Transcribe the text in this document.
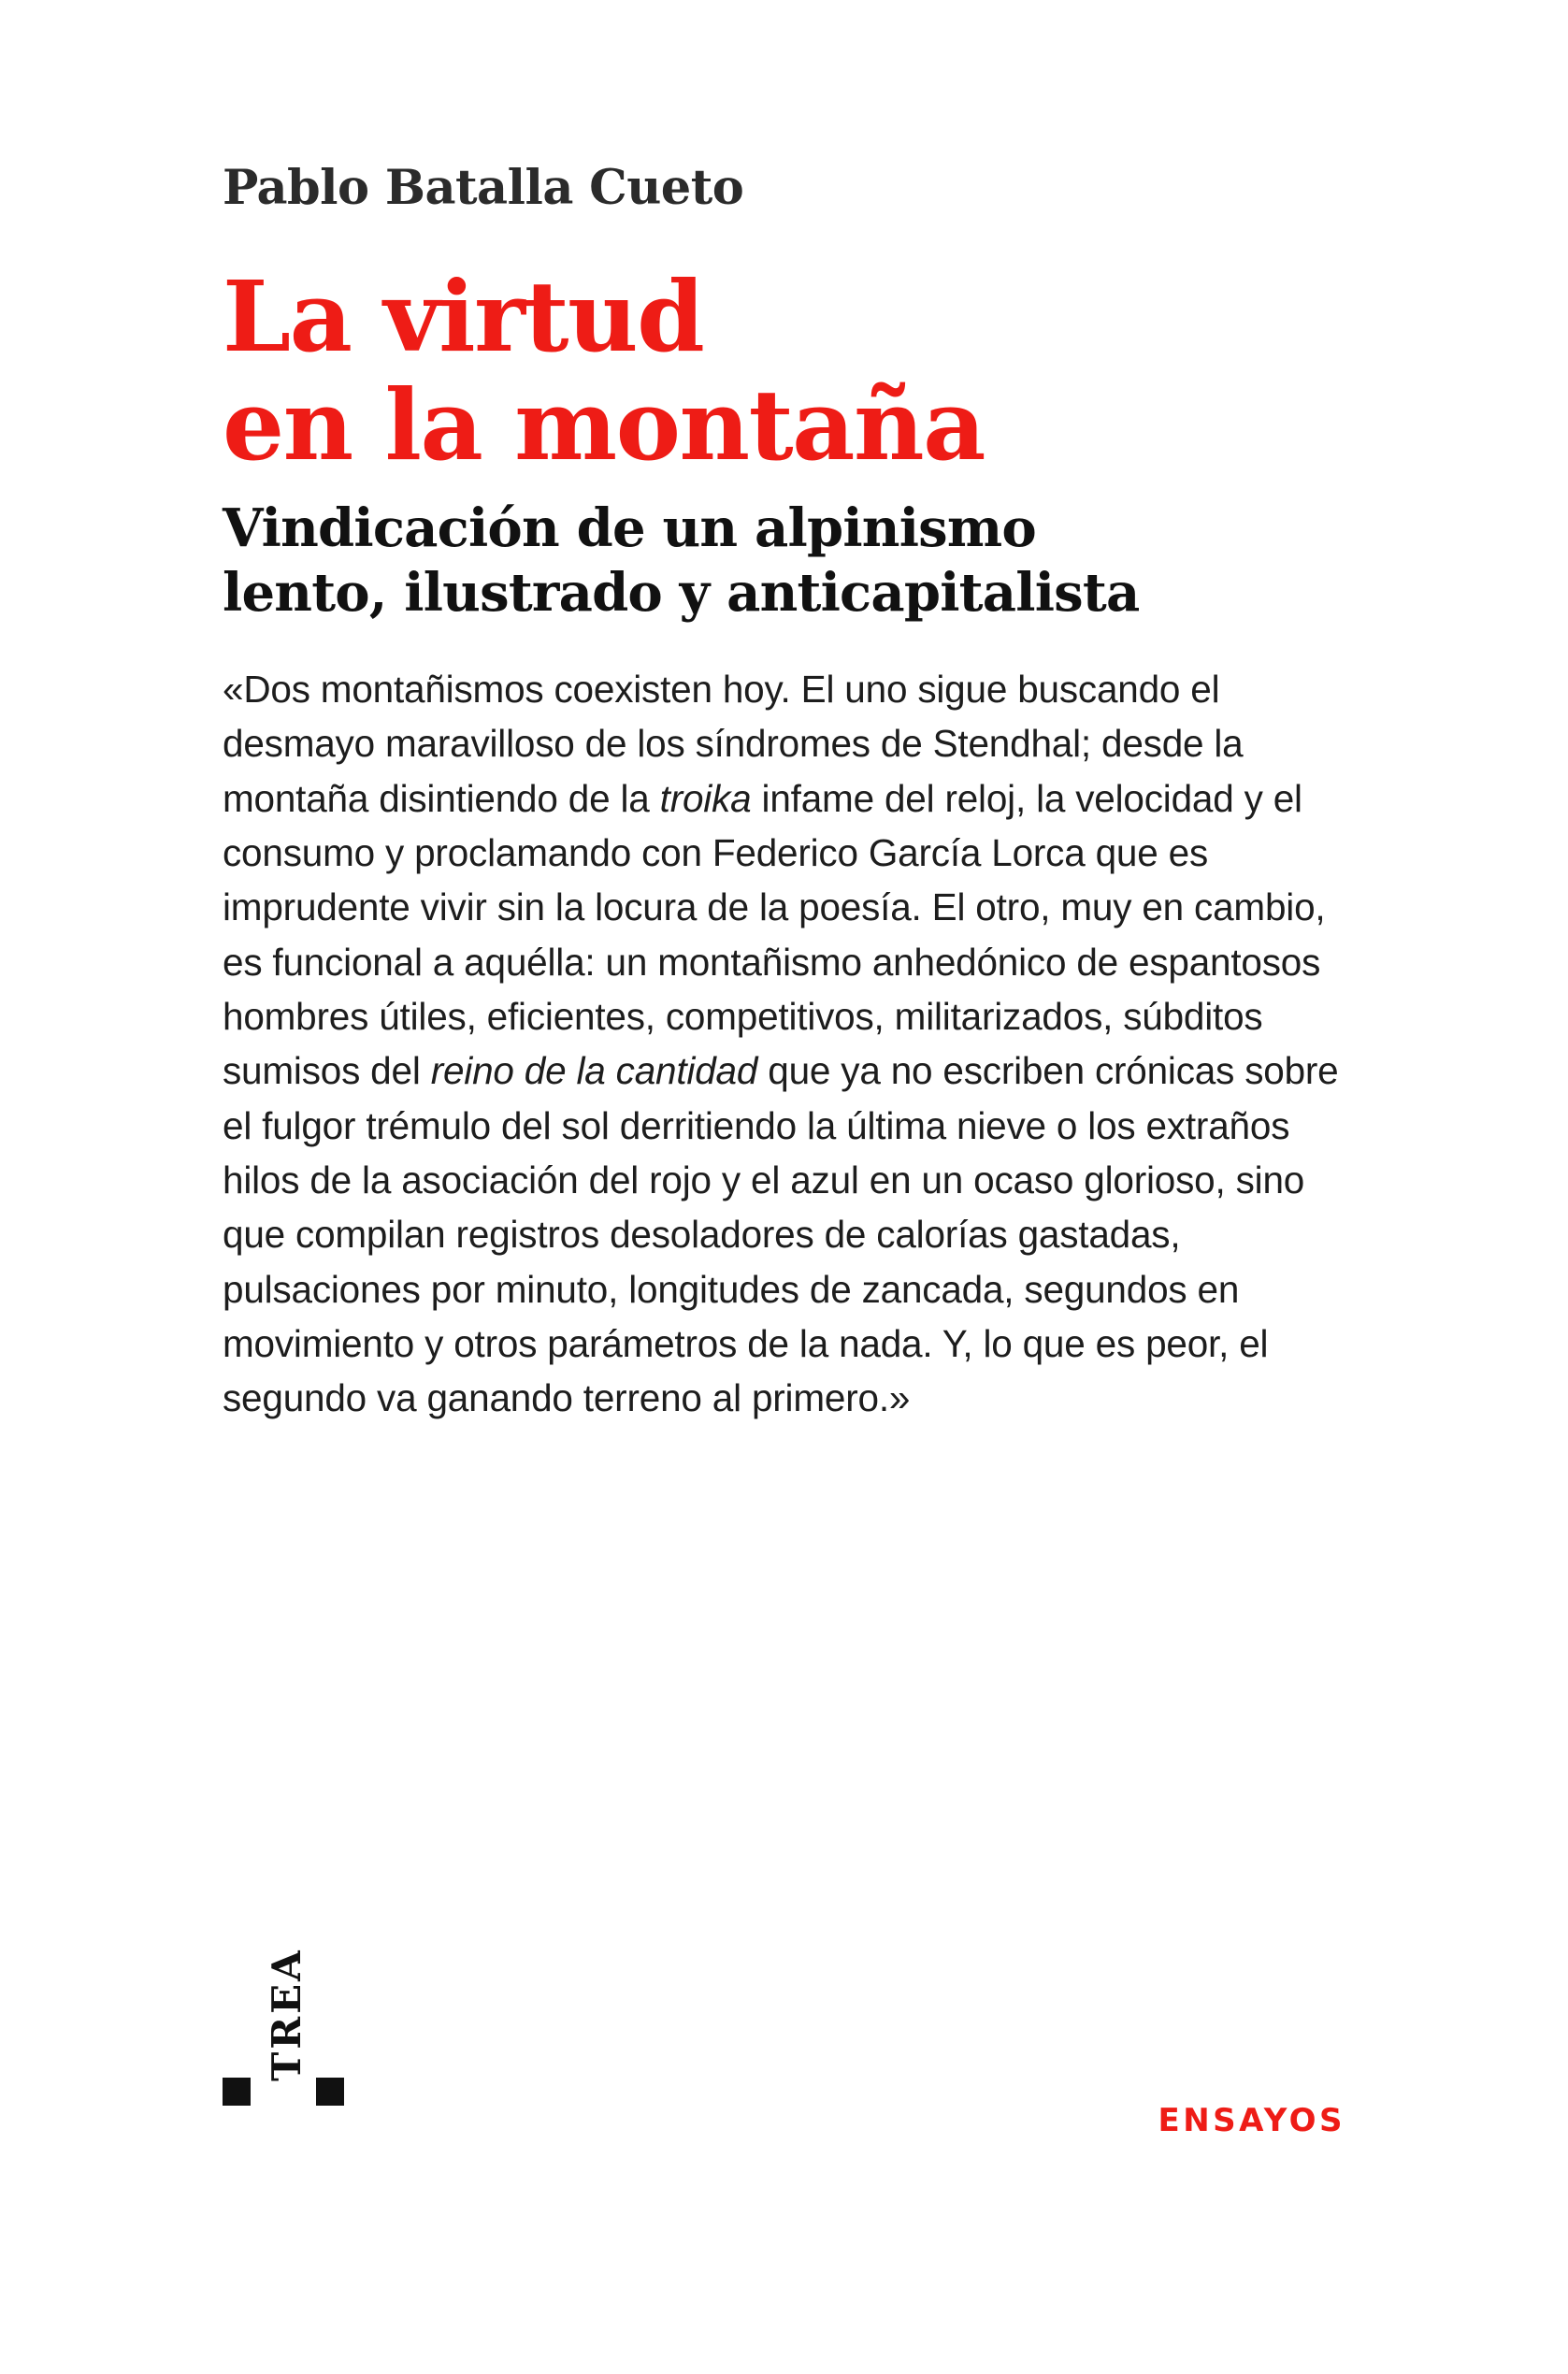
Pablo Batalla Cueto
La virtud
en la montaña
Vindicación de un alpinismo
lento, ilustrado y anticapitalista

«Dos montañismos coexisten hoy. El uno sigue buscando el desmayo maravilloso de los síndromes de Stendhal; desde la montaña disintiendo de la troika infame del reloj, la velocidad y el consumo y proclamando con Federico García Lorca que es imprudente vivir sin la locura de la poesía. El otro, muy en cambio, es funcional a aquélla: un montañismo anhedónico de espantosos hombres útiles, eficientes, competitivos, militarizados, súbditos sumisos del reino de la cantidad que ya no escriben crónicas sobre el fulgor trémulo del sol derritiendo la última nieve o los extraños hilos de la asociación del rojo y el azul en un ocaso glorioso, sino que compilan registros desoladores de calorías gastadas, pulsaciones por minuto, longitudes de zancada, segundos en movimiento y otros parámetros de la nada. Y, lo que es peor, el segundo va ganando terreno al primero.»

TREA
ENSAYOS
